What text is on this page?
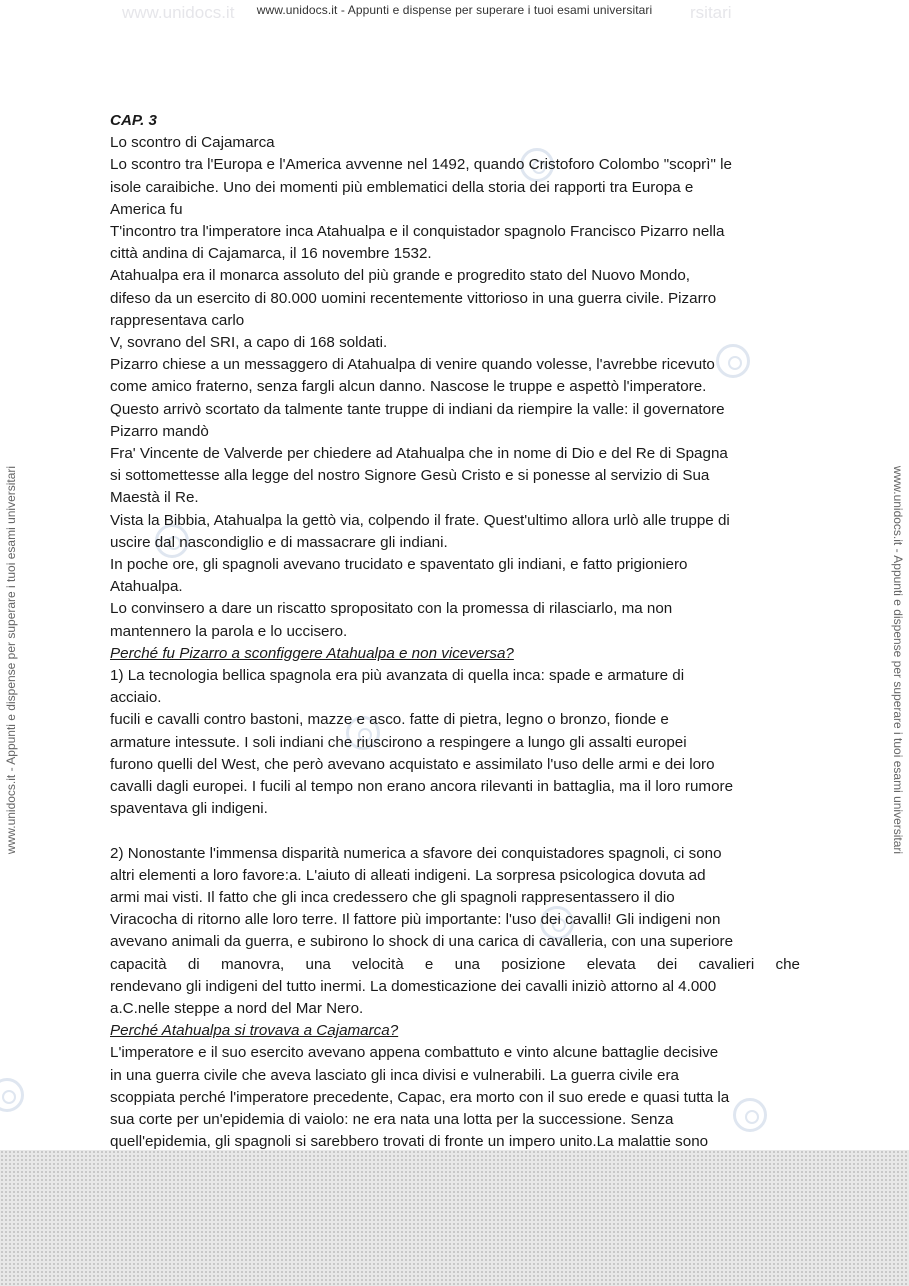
www.unidocs.it	www.unidocs.it - Appunti e dispense per superare i tuoi esami universitari	rsitari
www.unidocs.it - Appunti e dispense per superare i tuoi esami universitari	www.unidocs.it - Appunti e dispense per superare i tuoi esami universitari

CAP. 3

Lo scontro di Cajamarca

Lo scontro tra l'Europa e l'America avvenne nel 1492, quando Cristoforo Colombo "scoprì" le

isole caraibiche. Uno dei momenti più emblematici della storia dei rapporti tra Europa e

America fu

T'incontro tra l'imperatore inca Atahualpa e il conquistador spagnolo Francisco Pizarro nella

città andina di Cajamarca, il 16 novembre 1532.

Atahualpa era il monarca assoluto del più grande e progredito stato del Nuovo Mondo,

difeso da un esercito di 80.000 uomini recentemente vittorioso in una guerra civile. Pizarro

rappresentava carlo

V, sovrano del SRI, a capo di 168 soldati.

Pizarro chiese a un messaggero di Atahualpa di venire quando volesse, l'avrebbe ricevuto

come amico fraterno, senza fargli alcun danno. Nascose le truppe e aspettò l'imperatore.

Questo arrivò scortato da talmente tante truppe di indiani da riempire la valle: il governatore

Pizarro mandò

Fra' Vincente de Valverde per chiedere ad Atahualpa che in nome di Dio e del Re di Spagna

si sottomettesse alla legge del nostro Signore Gesù Cristo e si ponesse al servizio di Sua

Maestà il Re.

Vista la Bibbia, Atahualpa la gettò via, colpendo il frate. Quest'ultimo allora urlò alle truppe di

uscire dal nascondiglio e di massacrare gli indiani.

In poche ore, gli spagnoli avevano trucidato e spaventato gli indiani, e fatto prigioniero

Atahualpa.

Lo convinsero a dare un riscatto spropositato con la promessa di rilasciarlo, ma non

mantennero la parola e lo uccisero.

Perché fu Pizarro a sconfiggere Atahualpa e non viceversa?

1) La tecnologia bellica spagnola era più avanzata di quella inca: spade e armature di

acciaio.

fucili e cavalli contro bastoni, mazze e asco. fatte di pietra, legno o bronzo, fionde e

armature intessute. I soli indiani che riuscirono a respingere a lungo gli assalti europei

furono quelli del West, che però avevano acquistato e assimilato l'uso delle armi e dei loro

cavalli dagli europei. I fucili al tempo non erano ancora rilevanti in battaglia, ma il loro rumore

spaventava gli indigeni.

2) Nonostante l'immensa disparità numerica a sfavore dei conquistadores spagnoli, ci sono

altri elementi a loro favore:a. L'aiuto di alleati indigeni. La sorpresa psicologica dovuta ad

armi mai visti. Il fatto che gli inca credessero che gli spagnoli rappresentassero il dio

Viracocha di ritorno alle loro terre. Il fattore più importante: l'uso dei cavalli! Gli indigeni non

avevano animali da guerra, e subirono lo shock di una carica di cavalleria, con una superiore

capacità di manovra, una velocità e una posizione elevata dei cavalieri che

rendevano gli indigeni del tutto inermi. La domesticazione dei cavalli iniziò attorno al 4.000

a.C.nelle steppe a nord del Mar Nero.

Perché Atahualpa si trovava a Cajamarca?

L'imperatore e il suo esercito avevano appena combattuto e vinto alcune battaglie decisive

in una guerra civile che aveva lasciato gli inca divisi e vulnerabili. La guerra civile era

scoppiata perché l'imperatore precedente, Capac, era morto con il suo erede e quasi tutta la

sua corte per un'epidemia di vaiolo: ne era nata una lotta per la successione. Senza

quell'epidemia, gli spagnoli si sarebbero trovati di fronte un impero unito.La malattie sono
